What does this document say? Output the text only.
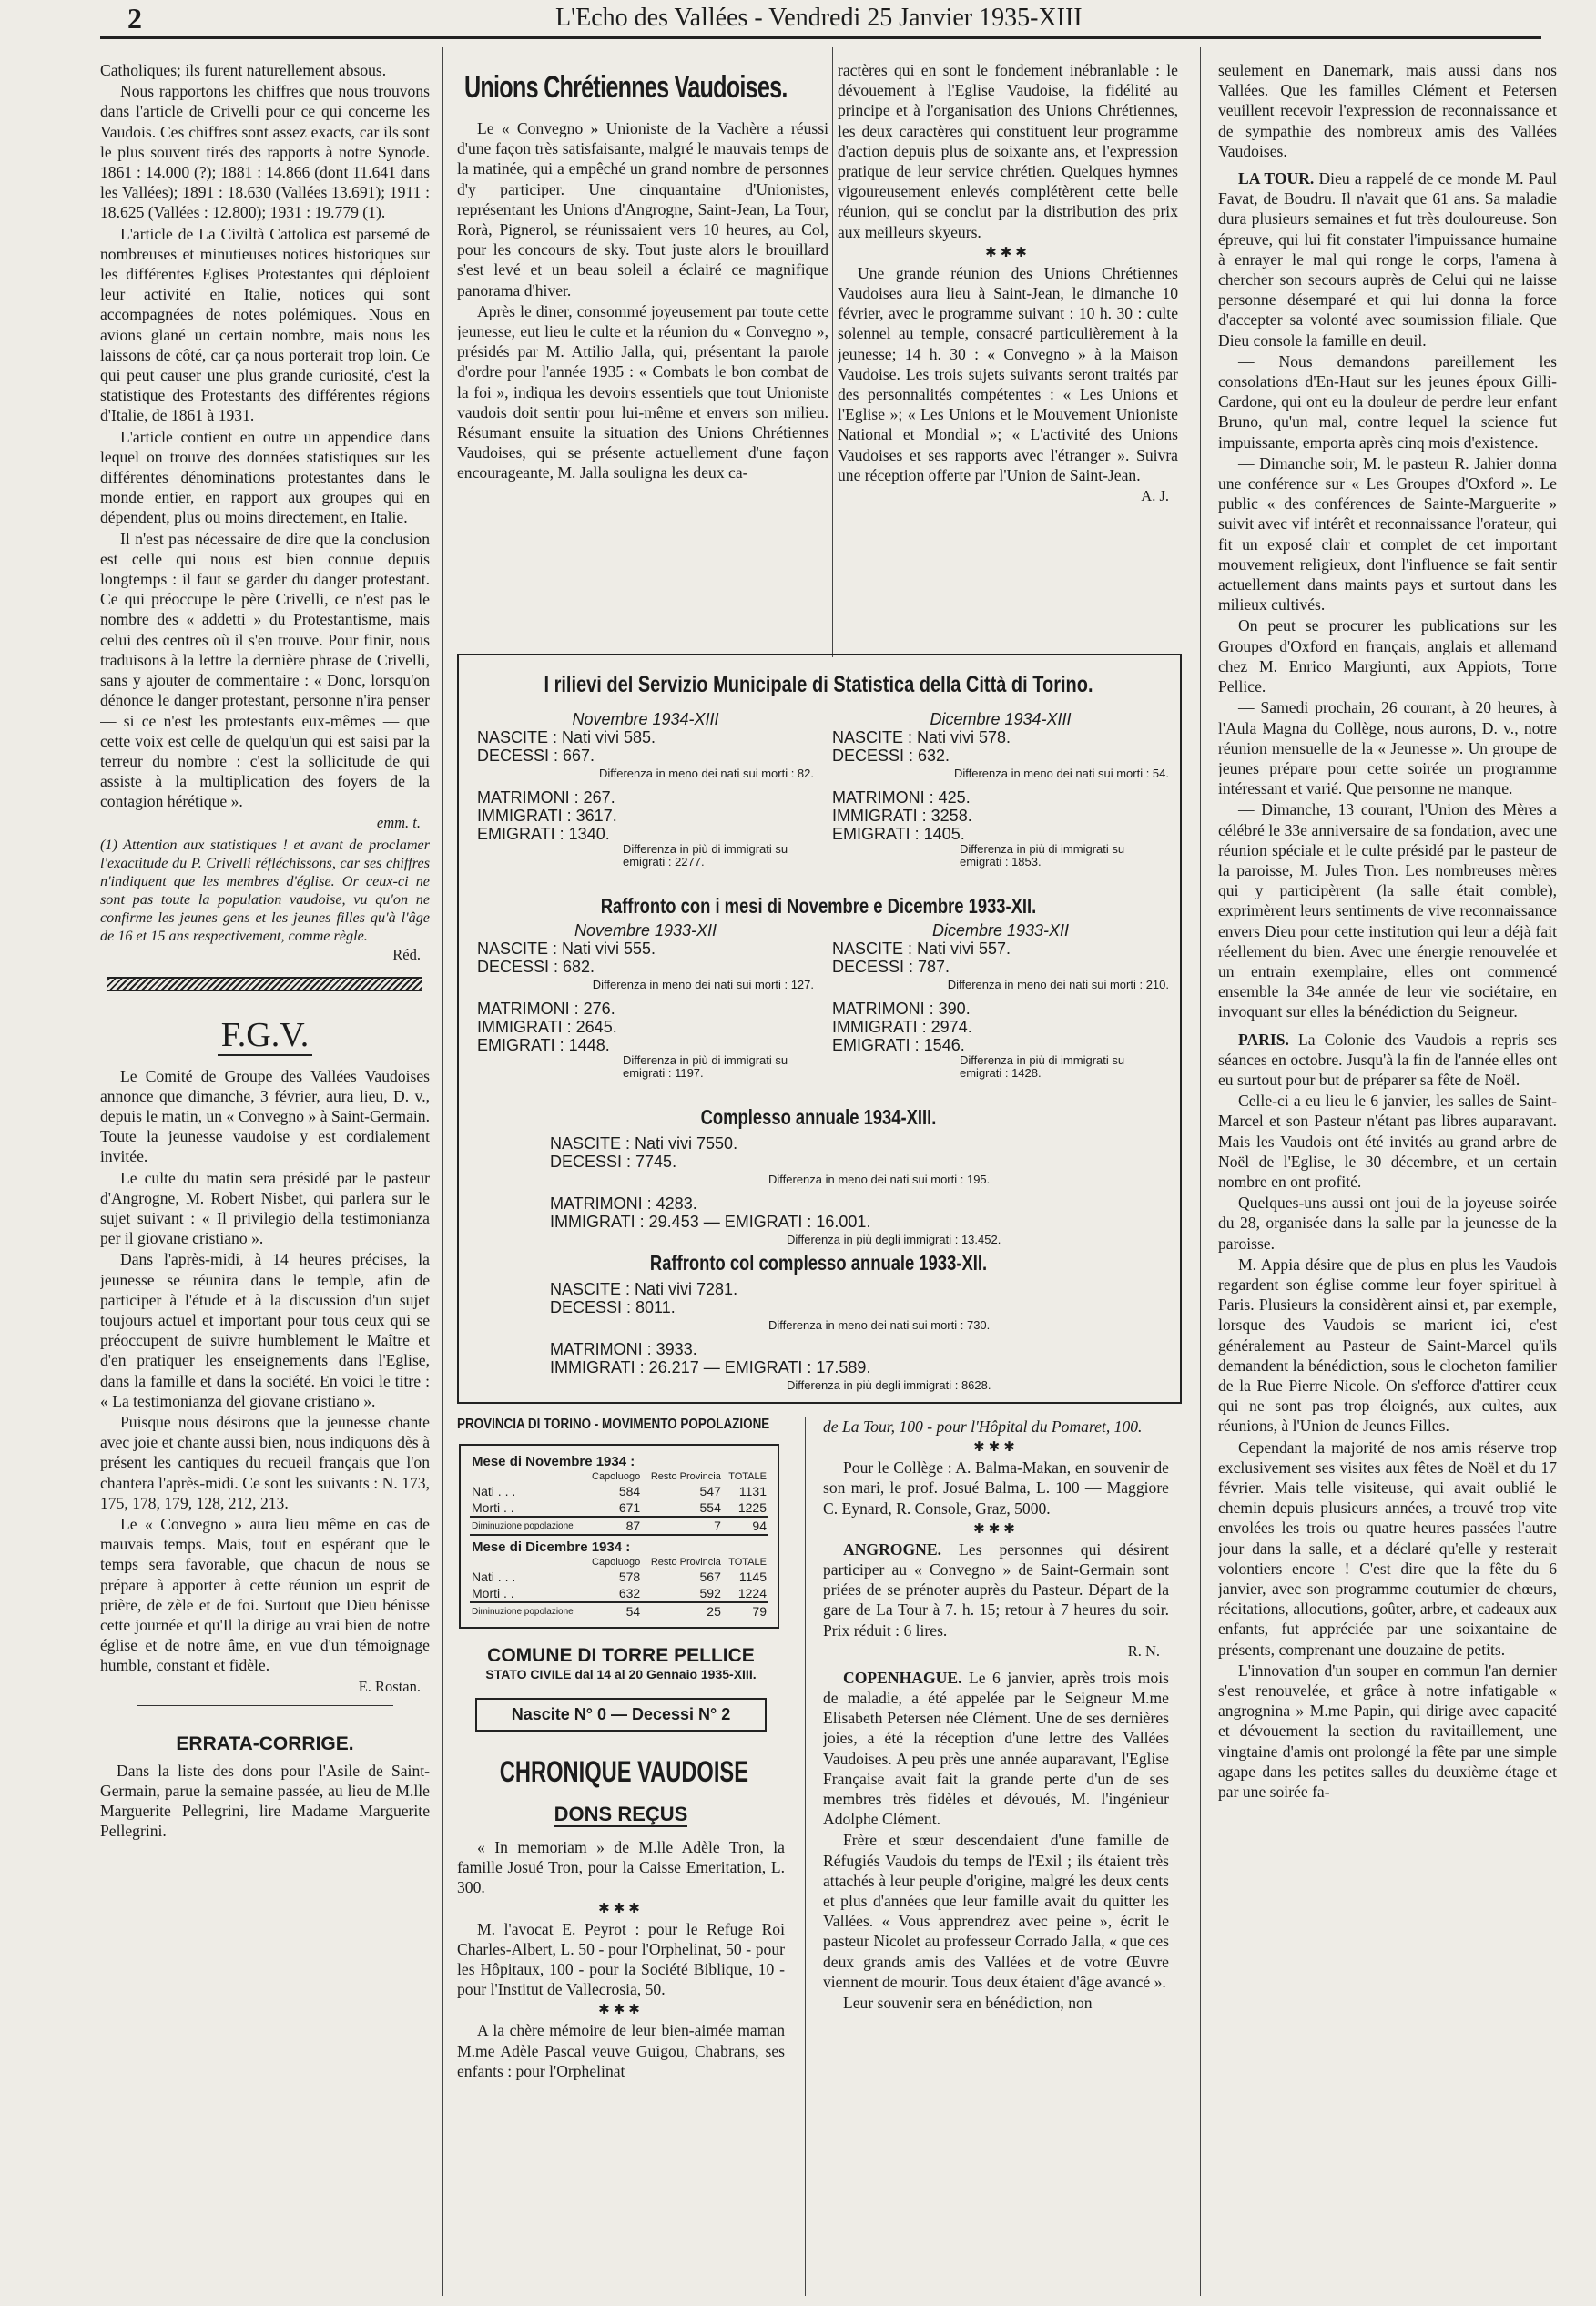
2	L'Echo des Vallées - Vendredi 25 Janvier 1935-XIII

Catholiques; ils furent naturellement absous.

Nous rapportons les chiffres que nous trouvons dans l'article de Crivelli pour ce qui concerne les Vaudois. Ces chiffres sont assez exacts, car ils sont le plus souvent tirés des rapports à notre Synode. 1861 : 14.000 (?); 1881 : 14.866 (dont 11.641 dans les Vallées); 1891 : 18.630 (Vallées 13.691); 1911 : 18.625 (Vallées : 12.800); 1931 : 19.779 (1).

L'article de La Civiltà Cattolica est parsemé de nombreuses et minutieuses notices historiques sur les différentes Eglises Protestantes qui déploient leur activité en Italie, notices qui sont accompagnées de notes polémiques. Nous en avions glané un certain nombre, mais nous les laissons de côté, car ça nous porterait trop loin. Ce qui peut causer une plus grande curiosité, c'est la statistique des Protestants des différentes régions d'Italie, de 1861 à 1931.

L'article contient en outre un appendice dans lequel on trouve des données statistiques sur les différentes dénominations protestantes dans le monde entier, en rapport aux groupes qui en dépendent, plus ou moins directement, en Italie.

Il n'est pas nécessaire de dire que la conclusion est celle qui nous est bien connue depuis longtemps : il faut se garder du danger protestant. Ce qui préoccupe le père Crivelli, ce n'est pas le nombre des « addetti » du Protestantisme, mais celui des centres où il s'en trouve. Pour finir, nous traduisons à la lettre la dernière phrase de Crivelli, sans y ajouter de commentaire : « Donc, lorsqu'on dénonce le danger protestant, personne n'ira penser — si ce n'est les protestants eux-mêmes — que cette voix est celle de quelqu'un qui est saisi par la terreur du nombre : c'est la sollicitude de qui assiste à la multiplication des foyers de la contagion hérétique ».

emm. t.

(1) Attention aux statistiques ! et avant de proclamer l'exactitude du P. Crivelli réfléchissons, car ses chiffres n'indiquent que les membres d'église. Or ceux-ci ne sont pas toute la population vaudoise, vu qu'on ne confirme les jeunes gens et les jeunes filles qu'à l'âge de 16 et 15 ans respectivement, comme règle.

Réd.
F.G.V.

Le Comité de Groupe des Vallées Vaudoises annonce que dimanche, 3 février, aura lieu, D. v., depuis le matin, un « Convegno » à Saint-Germain. Toute la jeunesse vaudoise y est cordialement invitée.

Le culte du matin sera présidé par le pasteur d'Angrogne, M. Robert Nisbet, qui parlera sur le sujet suivant : « Il privilegio della testimonianza per il giovane cristiano ».

Dans l'après-midi, à 14 heures précises, la jeunesse se réunira dans le temple, afin de participer à l'étude et à la discussion d'un sujet toujours actuel et important pour tous ceux qui se préoccupent de suivre humblement le Maître et d'en pratiquer les enseignements dans l'Eglise, dans la famille et dans la société. En voici le titre : « La testimonianza del giovane cristiano ».

Puisque nous désirons que la jeunesse chante avec joie et chante aussi bien, nous indiquons dès à présent les cantiques du recueil français que l'on chantera l'après-midi. Ce sont les suivants : N. 173, 175, 178, 179, 128, 212, 213.

Le « Convegno » aura lieu même en cas de mauvais temps. Mais, tout en espérant que le temps sera favorable, que chacun de nous se prépare à apporter à cette réunion un esprit de prière, de zèle et de foi. Surtout que Dieu bénisse cette journée et qu'Il la dirige au vrai bien de notre église et de notre âme, en vue d'un témoignage humble, constant et fidèle.

E. Rostan.
ERRATA-CORRIGE.

Dans la liste des dons pour l'Asile de Saint-Germain, parue la semaine passée, au lieu de M.lle Marguerite Pellegrini, lire Madame Marguerite Pellegrini.

Unions Chrétiennes Vaudoises.

Le « Convegno » Unioniste de la Vachère a réussi d'une façon très satisfaisante, malgré le mauvais temps de la matinée, qui a empêché un grand nombre de personnes d'y participer. Une cinquantaine d'Unionistes, représentant les Unions d'Angrogne, Saint-Jean, La Tour, Rorà, Pignerol, se réunissaient vers 10 heures, au Col, pour les concours de sky. Tout juste alors le brouillard s'est levé et un beau soleil a éclairé ce magnifique panorama d'hiver.

Après le diner, consommé joyeusement par toute cette jeunesse, eut lieu le culte et la réunion du « Convegno », présidés par M. Attilio Jalla, qui, présentant la parole d'ordre pour l'année 1935 : « Combats le bon combat de la foi », indiqua les devoirs essentiels que tout Unioniste vaudois doit sentir pour lui-même et envers son milieu. Résumant ensuite la situation des Unions Chrétiennes Vaudoises, qui se présente actuellement d'une façon encourageante, M. Jalla souligna les deux ca-

ractères qui en sont le fondement inébranlable : le dévouement à l'Eglise Vaudoise, la fidélité au principe et à l'organisation des Unions Chrétiennes, les deux caractères qui constituent leur programme d'action depuis plus de soixante ans, et l'expression pratique de leur service chrétien. Quelques hymnes vigoureusement enlevés complétèrent cette belle réunion, qui se conclut par la distribution des prix aux meilleurs skyeurs.

✱✱✱

Une grande réunion des Unions Chrétiennes Vaudoises aura lieu à Saint-Jean, le dimanche 10 février, avec le programme suivant : 10 h. 30 : culte solennel au temple, consacré particulièrement à la jeunesse; 14 h. 30 : « Convegno » à la Maison Vaudoise. Les trois sujets suivants seront traités par des personnalités compétentes : « Les Unions et l'Eglise »; « Les Unions et le Mouvement Unioniste National et Mondial »; « L'activité des Unions Vaudoises et ses rapports avec l'étranger ». Suivra une réception offerte par l'Union de Saint-Jean.

A. J.
I rilievi del Servizio Municipale di Statistica della Città di Torino.
Novembre 1934-XIII
NASCITE : Nati vivi 585.
DECESSI : 667.
Differenza in meno dei nati sui morti : 82.
MATRIMONI : 267.
IMMIGRATI : 3617.
EMIGRATI : 1340.
Differenza in più di immigrati su emigrati : 2277.
Dicembre 1934-XIII
NASCITE : Nati vivi 578.
DECESSI : 632.
Differenza in meno dei nati sui morti : 54.
MATRIMONI : 425.
IMMIGRATI : 3258.
EMIGRATI : 1405.
Differenza in più di immigrati su emigrati : 1853.
Raffronto con i mesi di Novembre e Dicembre 1933-XII.
Novembre 1933-XII
NASCITE : Nati vivi 555.
DECESSI : 682.
Differenza in meno dei nati sui morti : 127.
MATRIMONI : 276.
IMMIGRATI : 2645.
EMIGRATI : 1448.
Differenza in più di immigrati su emigrati : 1197.
Dicembre 1933-XII
NASCITE : Nati vivi 557.
DECESSI : 787.
Differenza in meno dei nati sui morti : 210.
MATRIMONI : 390.
IMMIGRATI : 2974.
EMIGRATI : 1546.
Differenza in più di immigrati su emigrati : 1428.
Complesso annuale 1934-XIII.
NASCITE : Nati vivi 7550.
DECESSI : 7745.
Differenza in meno dei nati sui morti : 195.
MATRIMONI : 4283.
IMMIGRATI : 29.453 — EMIGRATI : 16.001.
Differenza in più degli immigrati : 13.452.
Raffronto col complesso annuale 1933-XII.
NASCITE : Nati vivi 7281.
DECESSI : 8011.
Differenza in meno dei nati sui morti : 730.
MATRIMONI : 3933.
IMMIGRATI : 26.217 — EMIGRATI : 17.589.
Differenza in più degli immigrati : 8628.
PROVINCIA DI TORINO - MOVIMENTO POPOLAZIONE
Mese di Novembre 1934 :			
	Capoluogo	Resto Provincia	TOTALE
Nati . . .	584	547	1131
Morti . .	671	554	1225
Diminuzione popolazione	87	7	94
Mese di Dicembre 1934 :			
	Capoluogo	Resto Provincia	TOTALE
Nati . . .	578	567	1145
Morti . .	632	592	1224
Diminuzione popolazione	54	25	79
COMUNE DI TORRE PELLICE
STATO CIVILE dal 14 al 20 Gennaio 1935-XIII.
Nascite N° 0 — Decessi N° 2
CHRONIQUE VAUDOISE
DONS REÇUS

« In memoriam » de M.lle Adèle Tron, la famille Josué Tron, pour la Caisse Emeritation, L. 300.

✱✱✱

M. l'avocat E. Peyrot : pour le Refuge Roi Charles-Albert, L. 50 - pour l'Orphelinat, 50 - pour les Hôpitaux, 100 - pour la Société Biblique, 10 - pour l'Institut de Vallecrosia, 50.

✱✱✱

A la chère mémoire de leur bien-aimée maman M.me Adèle Pascal veuve Guigou, Chabrans, ses enfants : pour l'Orphelinat

de La Tour, 100 - pour l'Hôpital du Pomaret, 100.

✱✱✱

Pour le Collège : A. Balma-Makan, en souvenir de son mari, le prof. Josué Balma, L. 100 — Maggiore C. Eynard, R. Console, Graz, 5000.

✱✱✱

ANGROGNE. Les personnes qui désirent participer au « Convegno » de Saint-Germain sont priées de se prénoter auprès du Pasteur. Départ de la gare de La Tour à 7. h. 15; retour à 7 heures du soir. Prix réduit : 6 lires.

R. N.

COPENHAGUE. Le 6 janvier, après trois mois de maladie, a été appelée par le Seigneur M.me Elisabeth Petersen née Clément. Une de ses dernières joies, a été la réception d'une lettre des Vallées Vaudoises. A peu près une année auparavant, l'Eglise Française avait fait la grande perte d'un de ses membres très fidèles et dévoués, M. l'ingénieur Adolphe Clément.

Frère et sœur descendaient d'une famille de Réfugiés Vaudois du temps de l'Exil ; ils étaient très attachés à leur peuple d'origine, malgré les deux cents et plus d'années que leur famille avait du quitter les Vallées. « Vous apprendrez avec peine », écrit le pasteur Nicolet au professeur Corrado Jalla, « que ces deux grands amis des Vallées et de votre Œuvre viennent de mourir. Tous deux étaient d'âge avancé ».

Leur souvenir sera en bénédiction, non

seulement en Danemark, mais aussi dans nos Vallées. Que les familles Clément et Petersen veuillent recevoir l'expression de reconnaissance et de sympathie des nombreux amis des Vallées Vaudoises.

LA TOUR. Dieu a rappelé de ce monde M. Paul Favat, de Boudru. Il n'avait que 61 ans. Sa maladie dura plusieurs semaines et fut très douloureuse. Son épreuve, qui lui fit constater l'impuissance humaine à enrayer le mal qui ronge le corps, l'amena à chercher son secours auprès de Celui qui ne laisse personne désemparé et qui lui donna la force d'accepter sa volonté avec soumission filiale. Que Dieu console la famille en deuil.

— Nous demandons pareillement les consolations d'En-Haut sur les jeunes époux Gilli-Cardone, qui ont eu la douleur de perdre leur enfant Bruno, qu'un mal, contre lequel la science fut impuissante, emporta après cinq mois d'existence.

— Dimanche soir, M. le pasteur R. Jahier donna une conférence sur « Les Groupes d'Oxford ». Le public « des conférences de Sainte-Marguerite » suivit avec vif intérêt et reconnaissance l'orateur, qui fit un exposé clair et complet de cet important mouvement religieux, dont l'influence se fait sentir actuellement dans maints pays et surtout dans les milieux cultivés.

On peut se procurer les publications sur les Groupes d'Oxford en français, anglais et allemand chez M. Enrico Margiunti, aux Appiots, Torre Pellice.

— Samedi prochain, 26 courant, à 20 heures, à l'Aula Magna du Collège, nous aurons, D. v., notre réunion mensuelle de la « Jeunesse ». Un groupe de jeunes prépare pour cette soirée un programme intéressant et varié. Que personne ne manque.

— Dimanche, 13 courant, l'Union des Mères a célébré le 33e anniversaire de sa fondation, avec une réunion spéciale et le culte présidé par le pasteur de la paroisse, M. Jules Tron. Les nombreuses mères qui y participèrent (la salle était comble), exprimèrent leurs sentiments de vive reconnaissance envers Dieu pour cette institution qui leur a déjà fait réellement du bien. Avec une énergie renouvelée et un entrain exemplaire, elles ont commencé ensemble la 34e année de leur vie sociétaire, en invoquant sur elles la bénédiction du Seigneur.

PARIS. La Colonie des Vaudois a repris ses séances en octobre. Jusqu'à la fin de l'année elles ont eu surtout pour but de préparer sa fête de Noël.

Celle-ci a eu lieu le 6 janvier, les salles de Saint-Marcel et son Pasteur n'étant pas libres auparavant. Mais les Vaudois ont été invités au grand arbre de Noël de l'Eglise, le 30 décembre, et un certain nombre en ont profité.

Quelques-uns aussi ont joui de la joyeuse soirée du 28, organisée dans la salle par la jeunesse de la paroisse.

M. Appia désire que de plus en plus les Vaudois regardent son église comme leur foyer spirituel à Paris. Plusieurs la considèrent ainsi et, par exemple, lorsque des Vaudois se marient ici, c'est généralement au Pasteur de Saint-Marcel qu'ils demandent la bénédiction, sous le clocheton familier de la Rue Pierre Nicole. On s'efforce d'attirer ceux qui ne sont pas trop éloignés, aux cultes, aux réunions, à l'Union de Jeunes Filles.

Cependant la majorité de nos amis réserve trop exclusivement ses visites aux fêtes de Noël et du 17 février. Mais telle visiteuse, qui avait oublié le chemin depuis plusieurs années, a trouvé trop vite envolées les trois ou quatre heures passées l'autre jour dans la salle, et a déclaré qu'elle y resterait volontiers encore ! C'est dire que la fête du 6 janvier, avec son programme coutumier de chœurs, récitations, allocutions, goûter, arbre, et cadeaux aux enfants, fut appréciée par une soixantaine de présents, comprenant une douzaine de petits.

L'innovation d'un souper en commun l'an dernier s'est renouvelée, et grâce à notre infatigable « angrognina » M.me Papin, qui dirige avec capacité et dévouement la section du ravitaillement, une vingtaine d'amis ont prolongé la fête par une simple agape dans les petites salles du deuxième étage et par une soirée fa-
